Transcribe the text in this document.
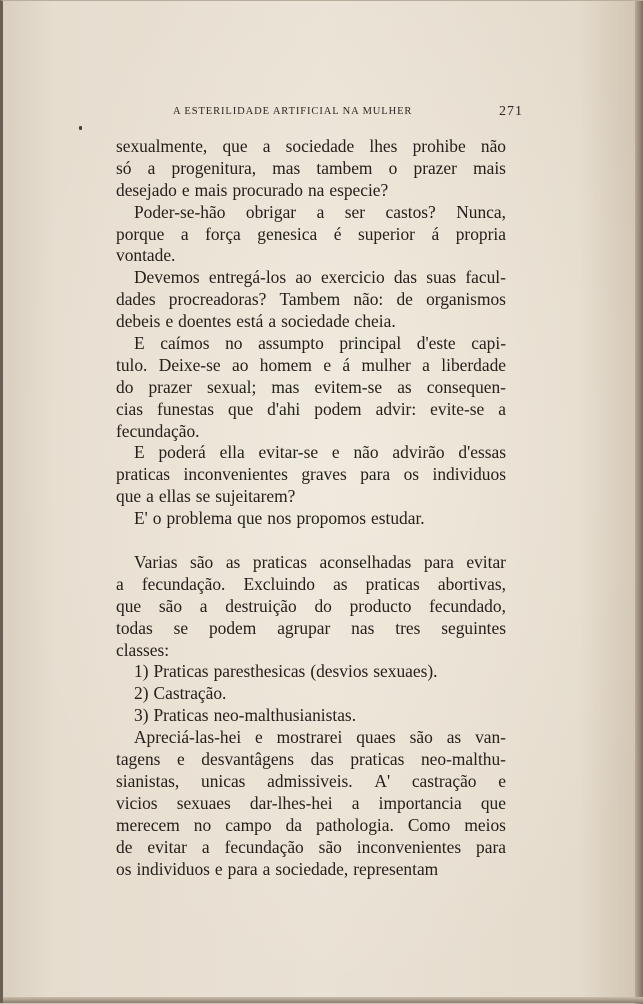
A ESTERILIDADE ARTIFICIAL NA MULHER	271
sexualmente, que a sociedade lhes prohibe não
só a progenitura, mas tambem o prazer mais
desejado e mais procurado na especie?
Poder-se-hão obrigar a ser castos? Nunca,
porque a força genesica é superior á propria
vontade.
Devemos entregá-los ao exercicio das suas facul-
dades procreadoras? Tambem não: de organismos
debeis e doentes está a sociedade cheia.
E caímos no assumpto principal d'este capi-
tulo. Deixe-se ao homem e á mulher a liberdade
do prazer sexual; mas evitem-se as consequen-
cias funestas que d'ahi podem advir: evite-se a
fecundação.
E poderá ella evitar-se e não advirão d'essas
praticas inconvenientes graves para os individuos
que a ellas se sujeitarem?
E' o problema que nos propomos estudar.
Varias são as praticas aconselhadas para evitar
a fecundação. Excluindo as praticas abortivas,
que são a destruição do producto fecundado,
todas se podem agrupar nas tres seguintes
classes:
1) Praticas paresthesicas (desvios sexuaes).
2) Castração.
3) Praticas neo-malthusianistas.
Apreciá-las-hei e mostrarei quaes são as van-
tagens e desvantâgens das praticas neo-malthu-
sianistas, unicas admissiveis. A' castração e
vicios sexuaes dar-lhes-hei a importancia que
merecem no campo da pathologia. Como meios
de evitar a fecundação são inconvenientes para
os individuos e para a sociedade, representam
